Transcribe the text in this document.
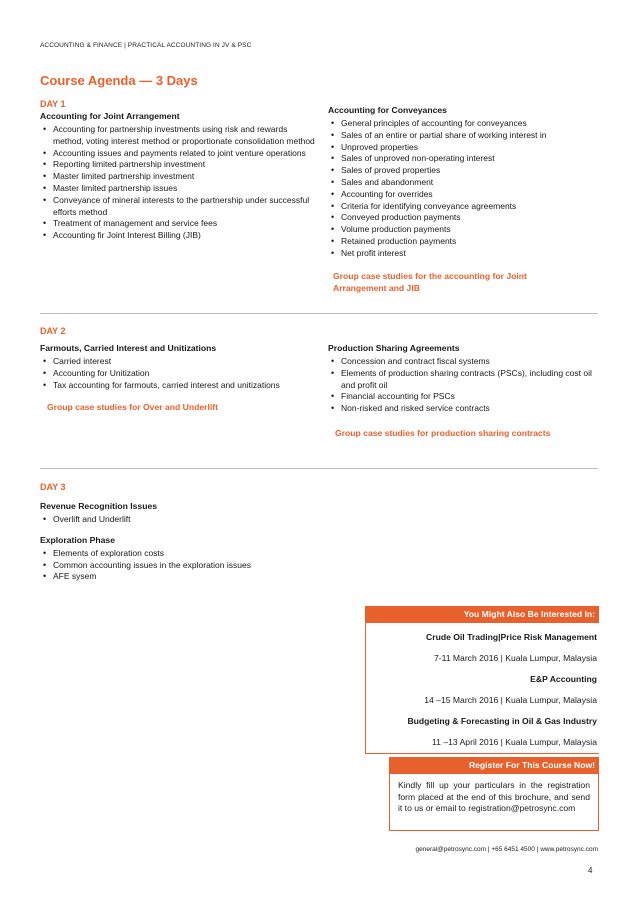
ACCOUNTING & FINANCE | PRACTICAL ACCOUNTING IN JV & PSC
Course Agenda — 3 Days
DAY 1
Accounting for Joint Arrangement
• Accounting for partnership investments using risk and rewards method, voting interest method or proportionate consolidation method
• Accounting issues and payments related to joint venture operations
• Reporting limited partnership investment
• Master limited partnership investment
• Master limited partnership issues
• Conveyance of mineral interests to the partnership under successful efforts method
• Treatment of management and service fees
• Accounting fir Joint Interest Billing (JIB)
Accounting for Conveyances
• General principles of accounting for conveyances
• Sales of an entire or partial share of working interest in
• Unproved properties
• Sales of unproved non-operating interest
• Sales of proved properties
• Sales and abandonment
• Accounting for overrides
• Criteria for identifying conveyance agreements
• Conveyed production payments
• Volume production payments
• Retained production payments
• Net profit interest
Group case studies for the accounting for Joint Arrangement and JIB
DAY 2
Farmouts, Carried Interest and Unitizations
• Carried interest
• Accounting for Unitization
• Tax accounting for farmouts, carried interest and unitizations
Group case studies for Over and Underlift
Production Sharing Agreements
• Concession and contract fiscal systems
• Elements of production sharing contracts (PSCs), including cost oil and profit oil
• Financial accounting for PSCs
• Non-risked and risked service contracts
Group case studies for production sharing contracts
DAY 3
Revenue Recognition Issues
• Overlift and Underlift
Exploration Phase
• Elements of exploration costs
• Common accounting issues in the exploration issues
• AFE sysem
You Might Also Be Interested In:
Crude Oil Trading|Price Risk Management
7-11 March 2016 | Kuala Lumpur, Malaysia
E&P Accounting
14 –15 March 2016 | Kuala Lumpur, Malaysia
Budgeting & Forecasting in Oil & Gas Industry
11 –13 April 2016 | Kuala Lumpur, Malaysia
Register For This Course Now!
Kindly fill up your particulars in the registration form placed at the end of this brochure, and send it to us or email to registration@petrosync.com
general@petrosync.com | +65 6451 4500 | www.petrosync.com
4
